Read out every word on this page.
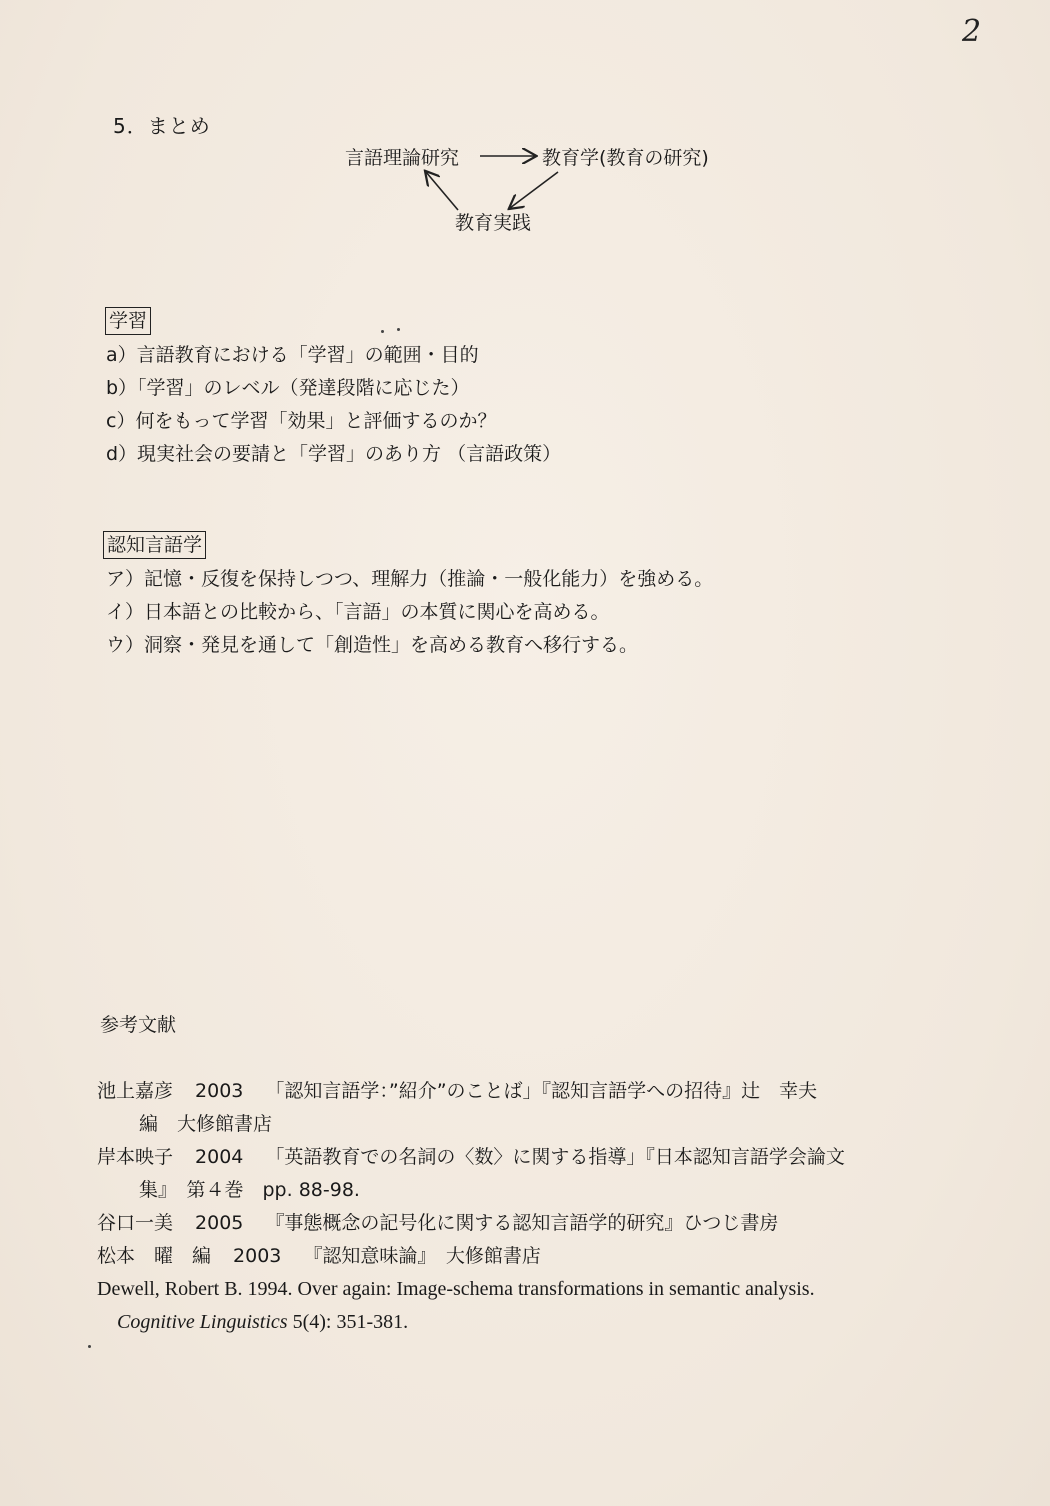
2
5．まとめ
言語理論研究	教育学(教育の研究)
教育実践
学習
a）言語教育における「学習」の範囲・目的
b）「学習」のレベル（発達段階に応じた）
c）何をもって学習「効果」と評価するのか？
d）現実社会の要請と「学習」のあり方 （言語政策）
認知言語学
ア）記憶・反復を保持しつつ、理解力（推論・一般化能力）を強める。
イ）日本語との比較から、「言語」の本質に関心を高める。
ウ）洞察・発見を通して「創造性」を高める教育へ移行する。
参考文献
池上嘉彦 2003 「認知言語学：”紹介”のことば」『認知言語学への招待』辻　幸夫
編　大修館書店
岸本映子 2004 「英語教育での名詞の〈数〉に関する指導」『日本認知言語学会論文
集』　第４巻　pp. 88-98.
谷口一美 2005 『事態概念の記号化に関する認知言語学的研究』ひつじ書房
松本　曜　編 2003 『認知意味論』　大修館書店
Dewell, Robert B. 1994. Over again: Image-schema transformations in semantic analysis.
Cognitive Linguistics 5(4): 351-381.
